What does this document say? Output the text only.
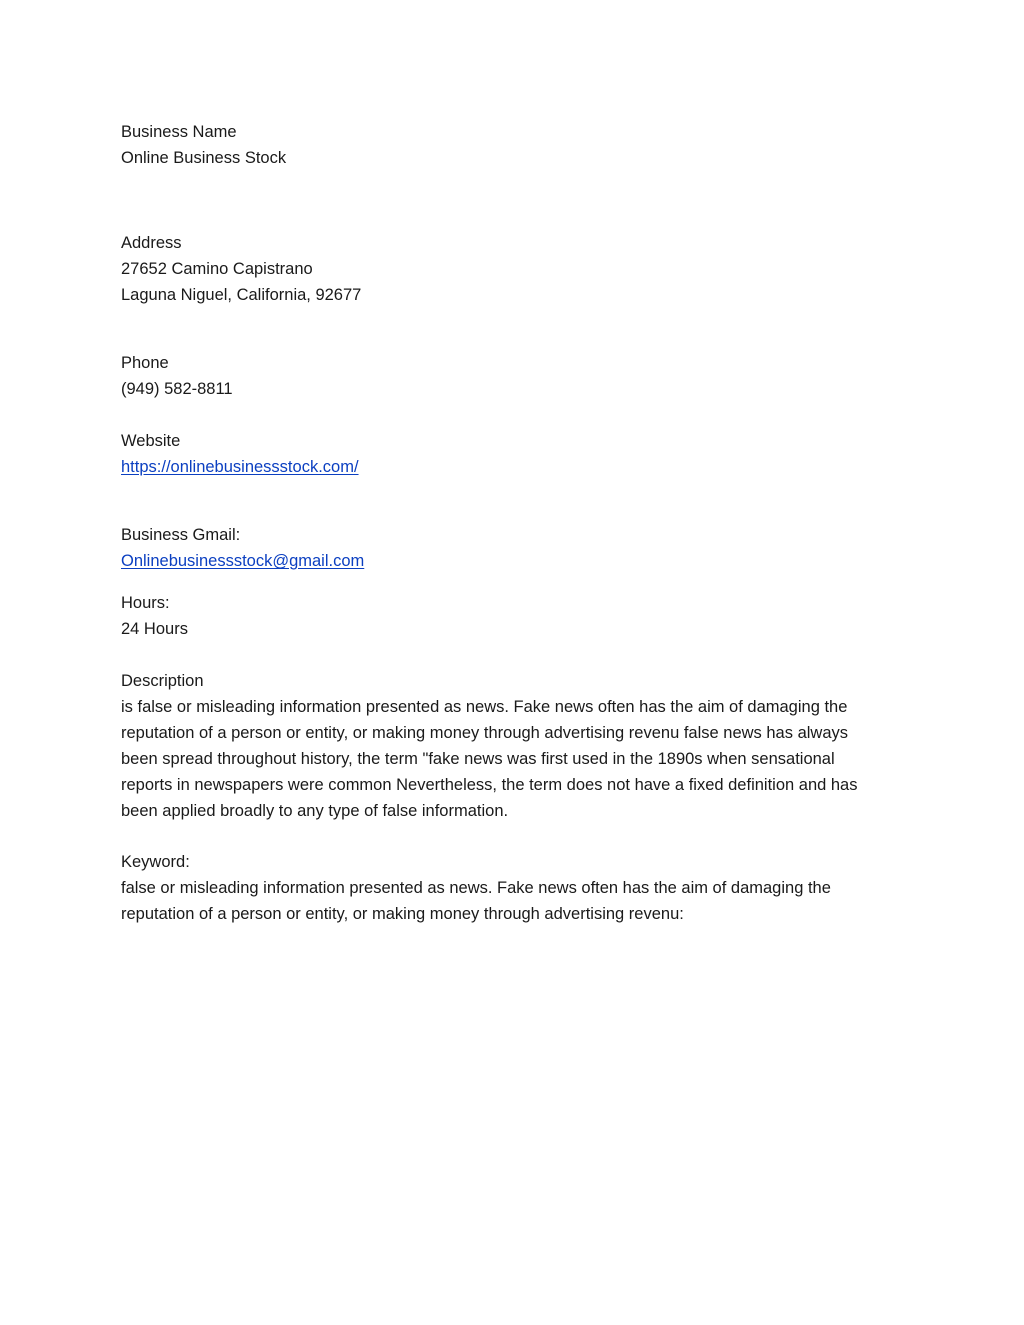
Business Name
Online Business Stock
Address
27652 Camino Capistrano
Laguna Niguel, California, 92677
Phone
(949) 582-8811
Website
https://onlinebusinessstock.com/
Business Gmail:
Onlinebusinessstock@gmail.com
Hours:
24 Hours
Description
is false or misleading information presented as news. Fake news often has the aim of damaging the
reputation of a person or entity, or making money through advertising revenu false news has always
been spread throughout history, the term "fake news was first used in the 1890s when sensational
reports in newspapers were common Nevertheless, the term does not have a fixed definition and has
been applied broadly to any type of false information.
Keyword:
false or misleading information presented as news. Fake news often has the aim of damaging the
reputation of a person or entity, or making money through advertising revenu:
